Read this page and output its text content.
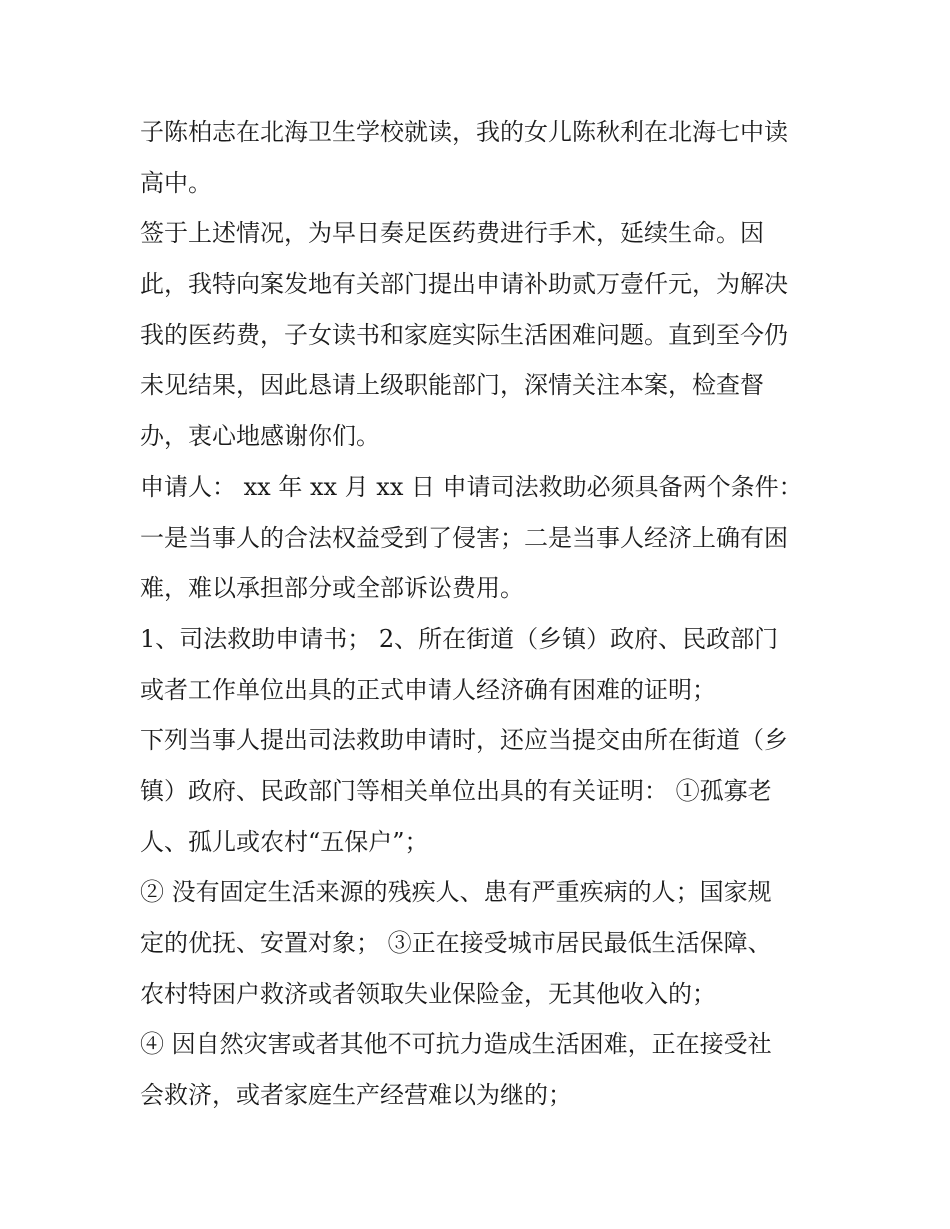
子陈柏志在北海卫生学校就读，我的女儿陈秋利在北海七中读
高中。
签于上述情况，为早日奏足医药费进行手术，延续生命。因
此，我特向案发地有关部门提出申请补助贰万壹仟元，为解决
我的医药费，子女读书和家庭实际生活困难问题。直到至今仍
未见结果，因此恳请上级职能部门，深情关注本案，检查督
办，衷心地感谢你们。
申请人： xx 年 xx 月 xx 日 申请司法救助必须具备两个条件：
一是当事人的合法权益受到了侵害；二是当事人经济上确有困
难，难以承担部分或全部诉讼费用。
1、司法救助申请书； 2、所在街道（乡镇）政府、民政部门
或者工作单位出具的正式申请人经济确有困难的证明；
下列当事人提出司法救助申请时，还应当提交由所在街道（乡
镇）政府、民政部门等相关单位出具的有关证明： ①孤寡老
人、孤儿或农村“五保户”；
② 没有固定生活来源的残疾人、患有严重疾病的人；国家规
定的优抚、安置对象； ③正在接受城市居民最低生活保障、
农村特困户救济或者领取失业保险金，无其他收入的；
④ 因自然灾害或者其他不可抗力造成生活困难，正在接受社
会救济，或者家庭生产经营难以为继的；
